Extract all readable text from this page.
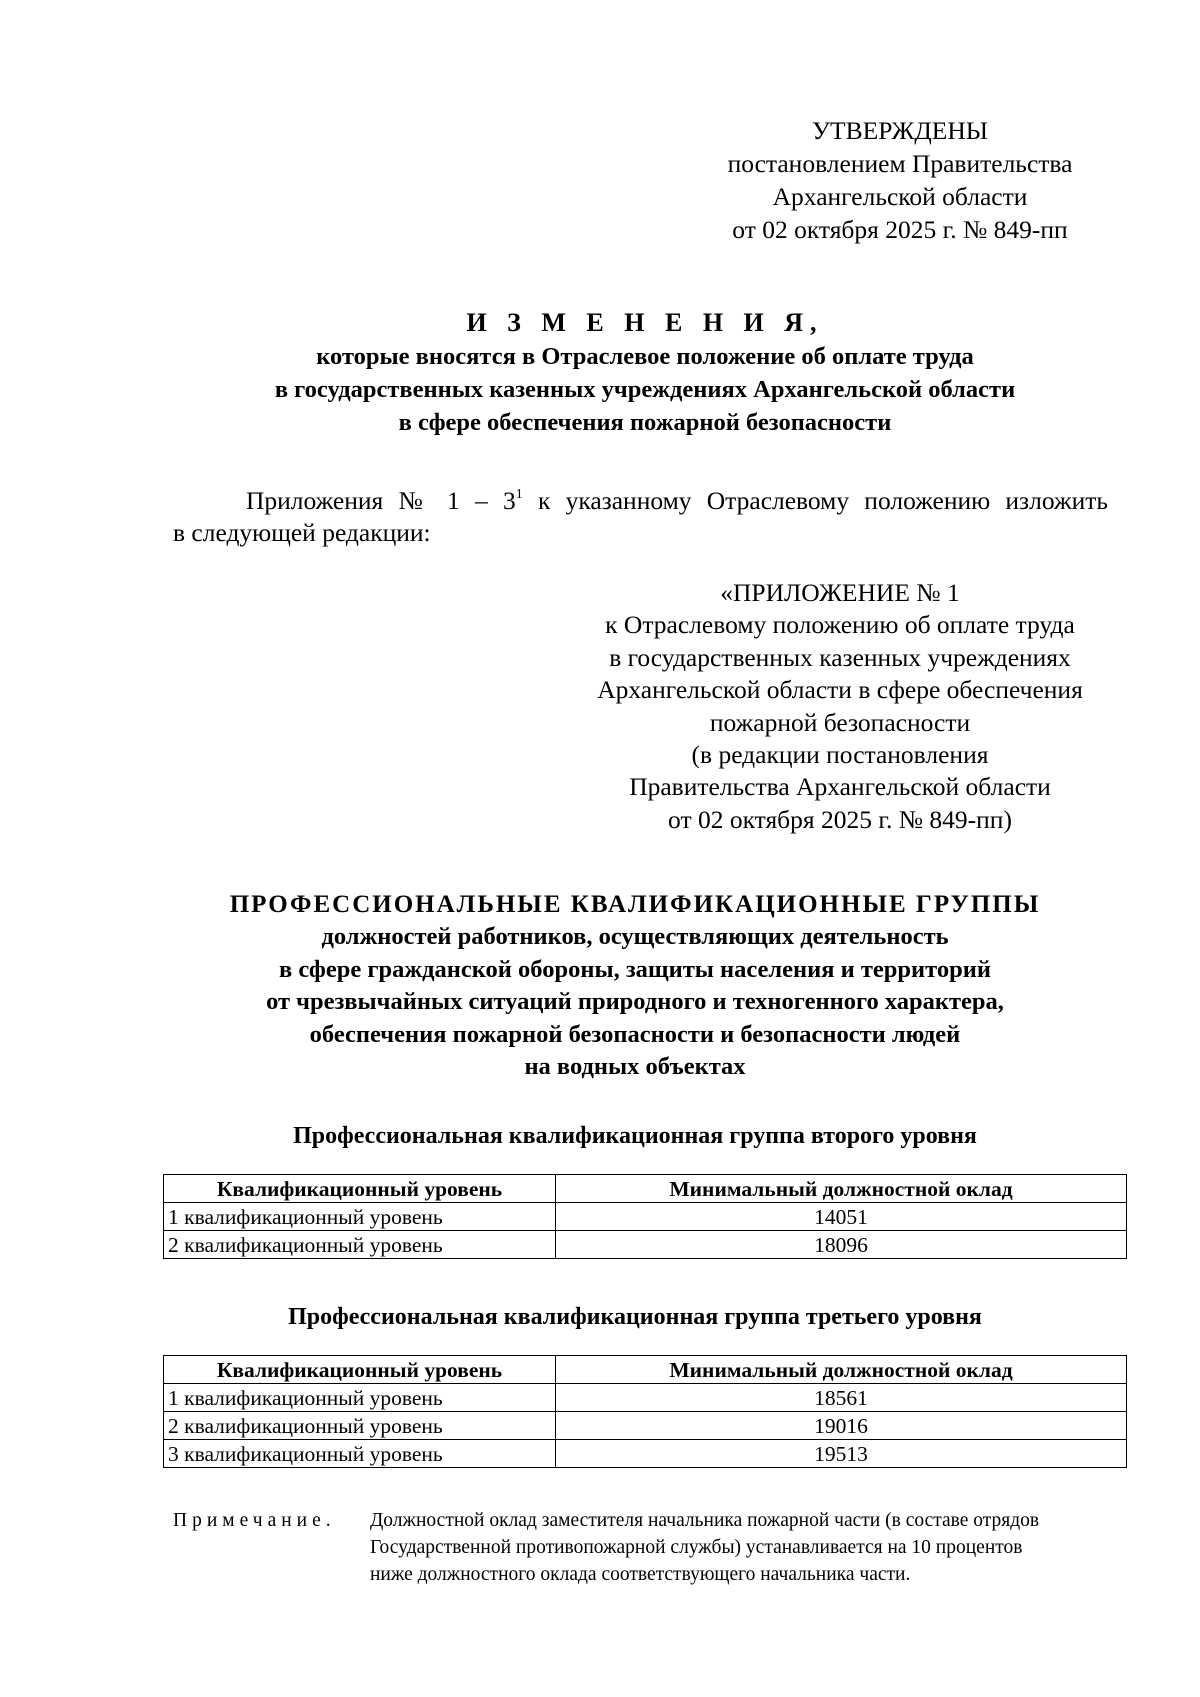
УТВЕРЖДЕНЫ
постановлением Правительства
Архангельской области
от 02 октября 2025 г. № 849-пп
И З М Е Н Е Н И Я,
которые вносятся в Отраслевое положение об оплате труда
в государственных казенных учреждениях Архангельской области
в сфере обеспечения пожарной безопасности
Приложения № $1 - 3^1$ к указанному Отраслевому положению изложить
в следующей редакции:
«ПРИЛОЖЕНИЕ № 1
к Отраслевому положению об оплате труда
в государственных казенных учреждениях
Архангельской области в сфере обеспечения
пожарной безопасности
(в редакции постановления
Правительства Архангельской области
от 02 октября 2025 г. № 849-пп)
ПРОФЕССИОНАЛЬНЫЕ КВАЛИФИКАЦИОННЫЕ ГРУППЫ
должностей работников, осуществляющих деятельность
в сфере гражданской обороны, защиты населения и территорий
от чрезвычайных ситуаций природного и техногенного характера,
обеспечения пожарной безопасности и безопасности людей
на водных объектах
Профессиональная квалификационная группа второго уровня
Квалификационный уровень	Минимальный должностной оклад
1 квалификационный уровень	14051
2 квалификационный уровень	18096
Профессиональная квалификационная группа третьего уровня
Квалификационный уровень	Минимальный должностной оклад
1 квалификационный уровень	18561
2 квалификационный уровень	19016
3 квалификационный уровень	19513
Примечание. Должностной оклад заместителя начальника пожарной части (в составе отрядов
Государственной противопожарной службы) устанавливается на 10 процентов
ниже должностного оклада соответствующего начальника части.
